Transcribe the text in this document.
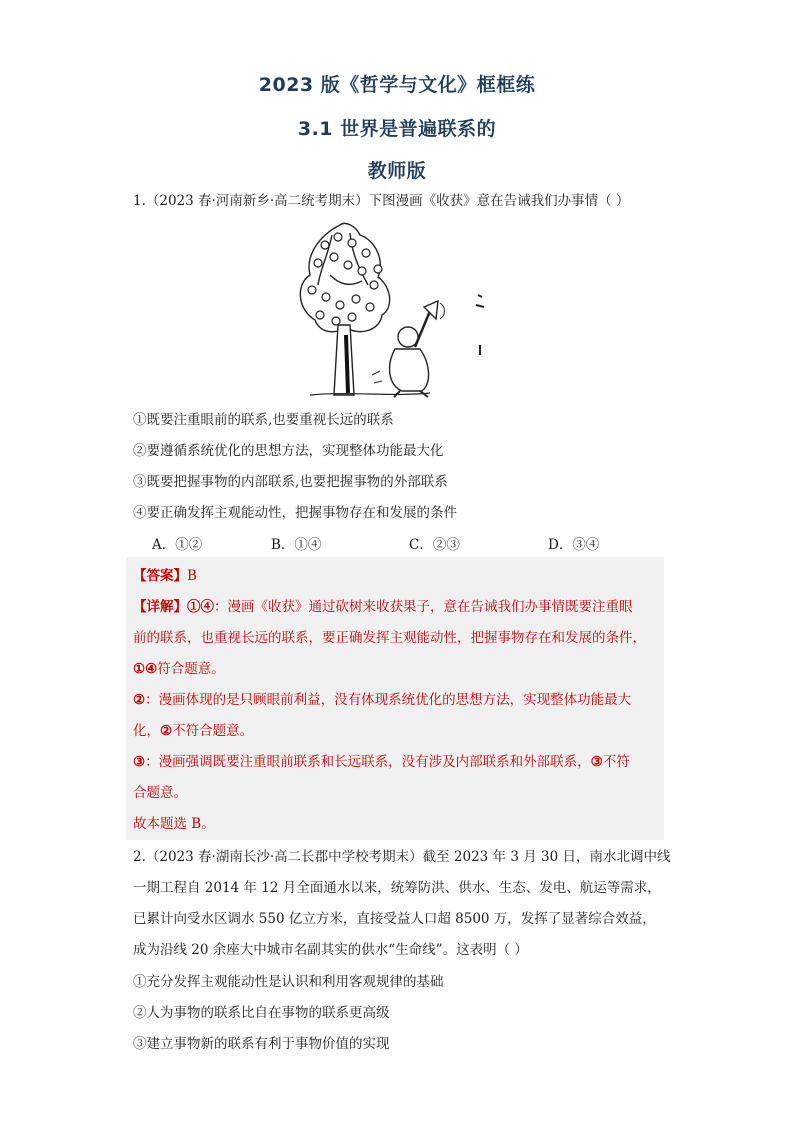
2023 版《哲学与文化》框框练
3.1 世界是普遍联系的
教师版
1.（2023 春·河南新乡·高二统考期末）下图漫画《收获》意在告诫我们办事情（ ）
①既要注重眼前的联系,也要重视长远的联系
②要遵循系统优化的思想方法，实现整体功能最大化
③既要把握事物的内部联系,也要把握事物的外部联系
④要正确发挥主观能动性，把握事物存在和发展的条件
A．①②	B．①④	C．②③	D．③④
【答案】B
【详解】①④：漫画《收获》通过砍树来收获果子，意在告诫我们办事情既要注重眼
前的联系，也重视长远的联系，要正确发挥主观能动性，把握事物存在和发展的条件，
①④符合题意。
②：漫画体现的是只顾眼前利益，没有体现系统优化的思想方法，实现整体功能最大
化，②不符合题意。
③：漫画强调既要注重眼前联系和长远联系，没有涉及内部联系和外部联系，③不符
合题意。
故本题选 B。
2.（2023 春·湖南长沙·高二长郡中学校考期末）截至 2023 年 3 月 30 日，南水北调中线
一期工程自 2014 年 12 月全面通水以来，统筹防洪、供水、生态、发电、航运等需求，
已累计向受水区调水 550 亿立方米，直接受益人口超 8500 万，发挥了显著综合效益，
成为沿线 20 余座大中城市名副其实的供水“生命线”。这表明（ ）
①充分发挥主观能动性是认识和利用客观规律的基础
②人为事物的联系比自在事物的联系更高级
③建立事物新的联系有利于事物价值的实现
